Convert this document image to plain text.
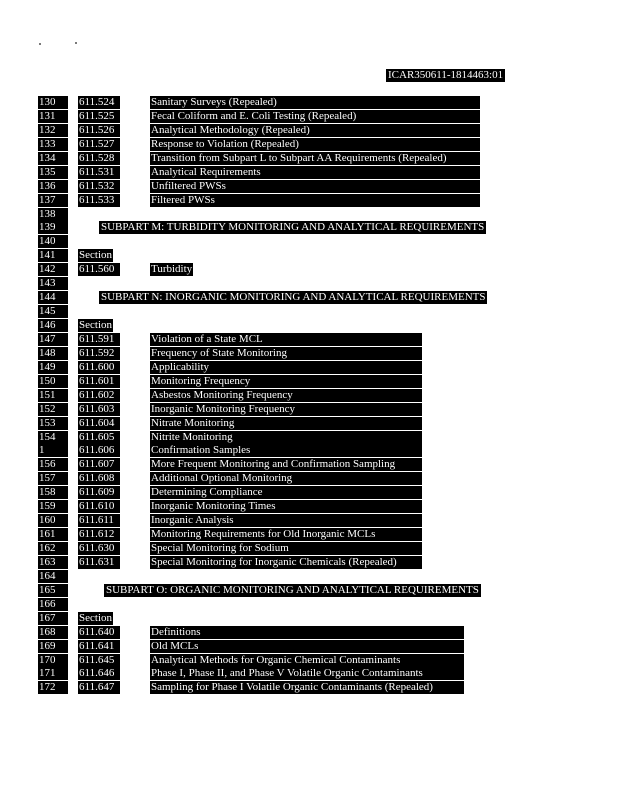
ICAR350611-1814463:01
130	611.524	Sanitary Surveys (Repealed)
131	611.525	Fecal Coliform and E. Coli Testing (Repealed)
132	611.526	Analytical Methodology (Repealed)
133	611.527	Response to Violation (Repealed)
134	611.528	Transition from Subpart L to Subpart AA Requirements (Repealed)
135	611.531	Analytical Requirements
136	611.532	Unfiltered PWSs
137	611.533	Filtered PWSs
138
139	SUBPART M: TURBIDITY MONITORING AND ANALYTICAL REQUIREMENTS
140
141	Section
142	611.560	Turbidity
143
144	SUBPART N: INORGANIC MONITORING AND ANALYTICAL REQUIREMENTS
145
146	Section
147	611.591	Violation of a State MCL
148	611.592	Frequency of State Monitoring
149	611.600	Applicability
150	611.601	Monitoring Frequency
151	611.602	Asbestos Monitoring Frequency
152	611.603	Inorganic Monitoring Frequency
153	611.604	Nitrate Monitoring
154	611.605	Nitrite Monitoring
1	611.606	Confirmation Samples
156	611.607	More Frequent Monitoring and Confirmation Sampling
157	611.608	Additional Optional Monitoring
158	611.609	Determining Compliance
159	611.610	Inorganic Monitoring Times
160	611.611	Inorganic Analysis
161	611.612	Monitoring Requirements for Old Inorganic MCLs
162	611.630	Special Monitoring for Sodium
163	611.631	Special Monitoring for Inorganic Chemicals (Repealed)
164
165	SUBPART O: ORGANIC MONITORING AND ANALYTICAL REQUIREMENTS
166
167	Section
168	611.640	Definitions
169	611.641	Old MCLs
170	611.645	Analytical Methods for Organic Chemical Contaminants
171	611.646	Phase I, Phase II, and Phase V Volatile Organic Contaminants
172	611.647	Sampling for Phase I Volatile Organic Contaminants (Repealed)
